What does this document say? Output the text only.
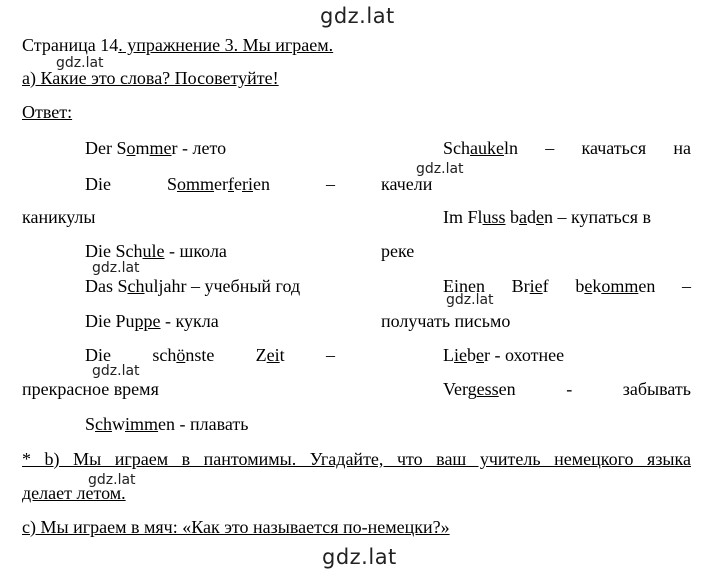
gdz.lat
gdz.lat
gdz.lat
gdz.lat
gdz.lat
gdz.lat
gdz.lat
gdz.lat
Страница 14. упражнение 3. Мы играем.
а) Какие это слова? Посоветуйте!
Ответ:
Der Sommer - лето
Die	Sommerferien	–
каникулы
Die Schule - школа
Das Schuljahr – учебный год
Die Puppe - кукла
Die schönste Zeit –
прекрасное время
Schwimmen - плавать
Schaukeln – качаться на
качели
Im Fluss baden – купаться в
реке
Einen Brief bekommen –
получать письмо
Lieber - охотнее
Vergessen	-	забывать
* b) Мы играем в пантомимы. Угадайте, что ваш учитель немецкого языка
делает летом.
с) Мы играем в мяч: «Как это называется по-немецки?»
